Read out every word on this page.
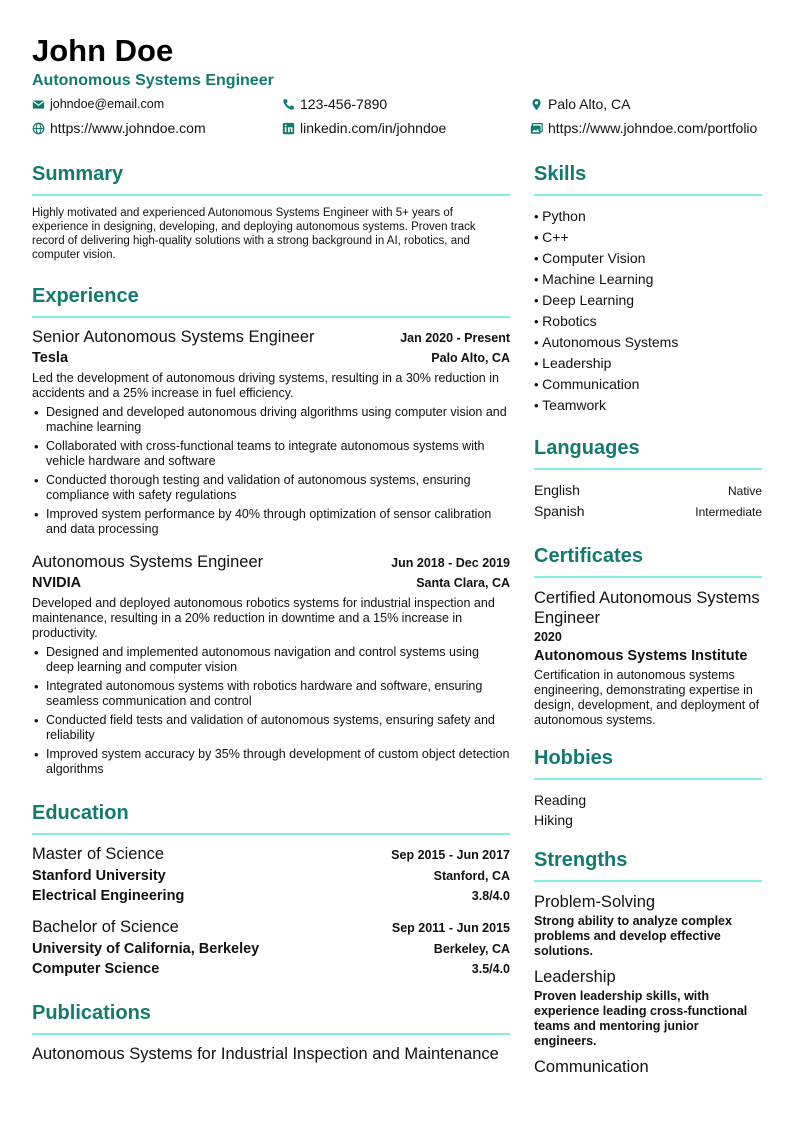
John Doe
Autonomous Systems Engineer
johndoe@email.com	123-456-7890	Palo Alto, CA
https://www.johndoe.com	linkedin.com/in/johndoe	https://www.johndoe.com/portfolio
Summary
Highly motivated and experienced Autonomous Systems Engineer with 5+ years of experience in designing, developing, and deploying autonomous systems. Proven track record of delivering high-quality solutions with a strong background in AI, robotics, and computer vision.
Experience
Senior Autonomous Systems Engineer	Jan 2020 - Present
Tesla	Palo Alto, CA
Led the development of autonomous driving systems, resulting in a 30% reduction in accidents and a 25% increase in fuel efficiency.
• Designed and developed autonomous driving algorithms using computer vision and machine learning
• Collaborated with cross-functional teams to integrate autonomous systems with vehicle hardware and software
• Conducted thorough testing and validation of autonomous systems, ensuring compliance with safety regulations
• Improved system performance by 40% through optimization of sensor calibration and data processing
Autonomous Systems Engineer	Jun 2018 - Dec 2019
NVIDIA	Santa Clara, CA
Developed and deployed autonomous robotics systems for industrial inspection and maintenance, resulting in a 20% reduction in downtime and a 15% increase in productivity.
• Designed and implemented autonomous navigation and control systems using deep learning and computer vision
• Integrated autonomous systems with robotics hardware and software, ensuring seamless communication and control
• Conducted field tests and validation of autonomous systems, ensuring safety and reliability
• Improved system accuracy by 35% through development of custom object detection algorithms
Education
Master of Science	Sep 2015 - Jun 2017
Stanford University	Stanford, CA
Electrical Engineering	3.8/4.0
Bachelor of Science	Sep 2011 - Jun 2015
University of California, Berkeley	Berkeley, CA
Computer Science	3.5/4.0
Publications
Autonomous Systems for Industrial Inspection and Maintenance
Skills
• Python
• C++
• Computer Vision
• Machine Learning
• Deep Learning
• Robotics
• Autonomous Systems
• Leadership
• Communication
• Teamwork
Languages
English	Native
Spanish	Intermediate
Certificates
Certified Autonomous Systems Engineer
2020
Autonomous Systems Institute
Certification in autonomous systems engineering, demonstrating expertise in design, development, and deployment of autonomous systems.
Hobbies
Reading
Hiking
Strengths
Problem-Solving
Strong ability to analyze complex problems and develop effective solutions.
Leadership
Proven leadership skills, with experience leading cross-functional teams and mentoring junior engineers.
Communication
